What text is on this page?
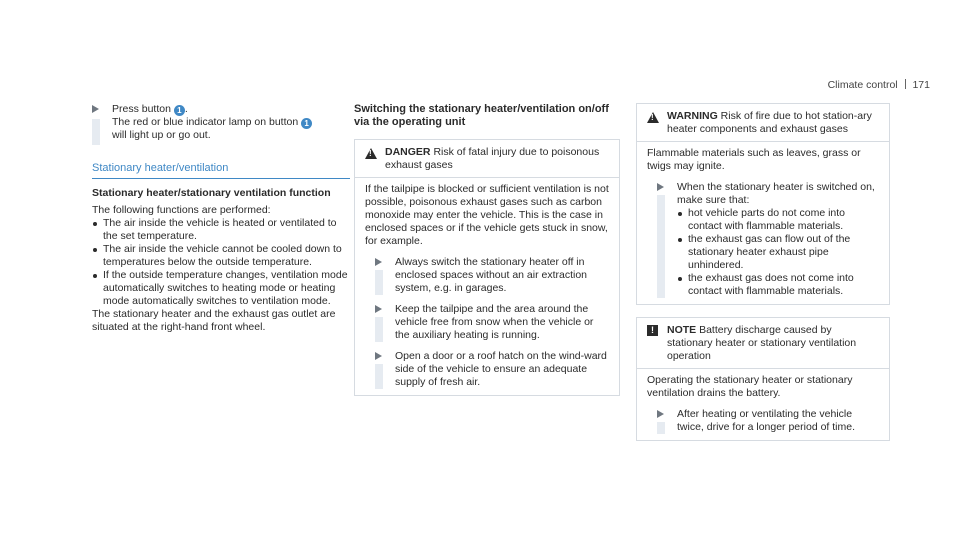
Climate control 171
Press button 1 .
The red or blue indicator lamp on button 1
will light up or go out.
Stationary heater/ventilation
Stationary heater/stationary ventilation function
The following functions are performed:
The air inside the vehicle is heated or ventilated to the set temperature.
The air inside the vehicle cannot be cooled down to temperatures below the outside temperature.
If the outside temperature changes, ventilation mode automatically switches to heating mode or heating mode automatically switches to ventilation mode.
The stationary heater and the exhaust gas outlet are situated at the right-hand front wheel.
Switching the stationary heater/ventilation on/off via the operating unit
!
DANGER Risk of fatal injury due to poisonous exhaust gases
If the tailpipe is blocked or sufficient ventilation is not possible, poisonous exhaust gases such as carbon monoxide may enter the vehicle. This is the case in enclosed spaces or if the vehicle gets stuck in snow, for example.
Always switch the stationary heater off in enclosed spaces without an air extraction system, e.g. in garages.
Keep the tailpipe and the area around the vehicle free from snow when the vehicle or the auxiliary heating is running.
Open a door or a roof hatch on the wind-ward side of the vehicle to ensure an adequate supply of fresh air.
!
WARNING Risk of fire due to hot station-ary heater components and exhaust gases
Flammable materials such as leaves, grass or twigs may ignite.
When the stationary heater is switched on, make sure that:
hot vehicle parts do not come into contact with flammable materials.
the exhaust gas can flow out of the stationary heater exhaust pipe unhindered.
the exhaust gas does not come into contact with flammable materials.
!	NOTE Battery discharge caused by stationary heater or stationary ventilation operation
Operating the stationary heater or stationary ventilation drains the battery.
After heating or ventilating the vehicle twice, drive for a longer period of time.
